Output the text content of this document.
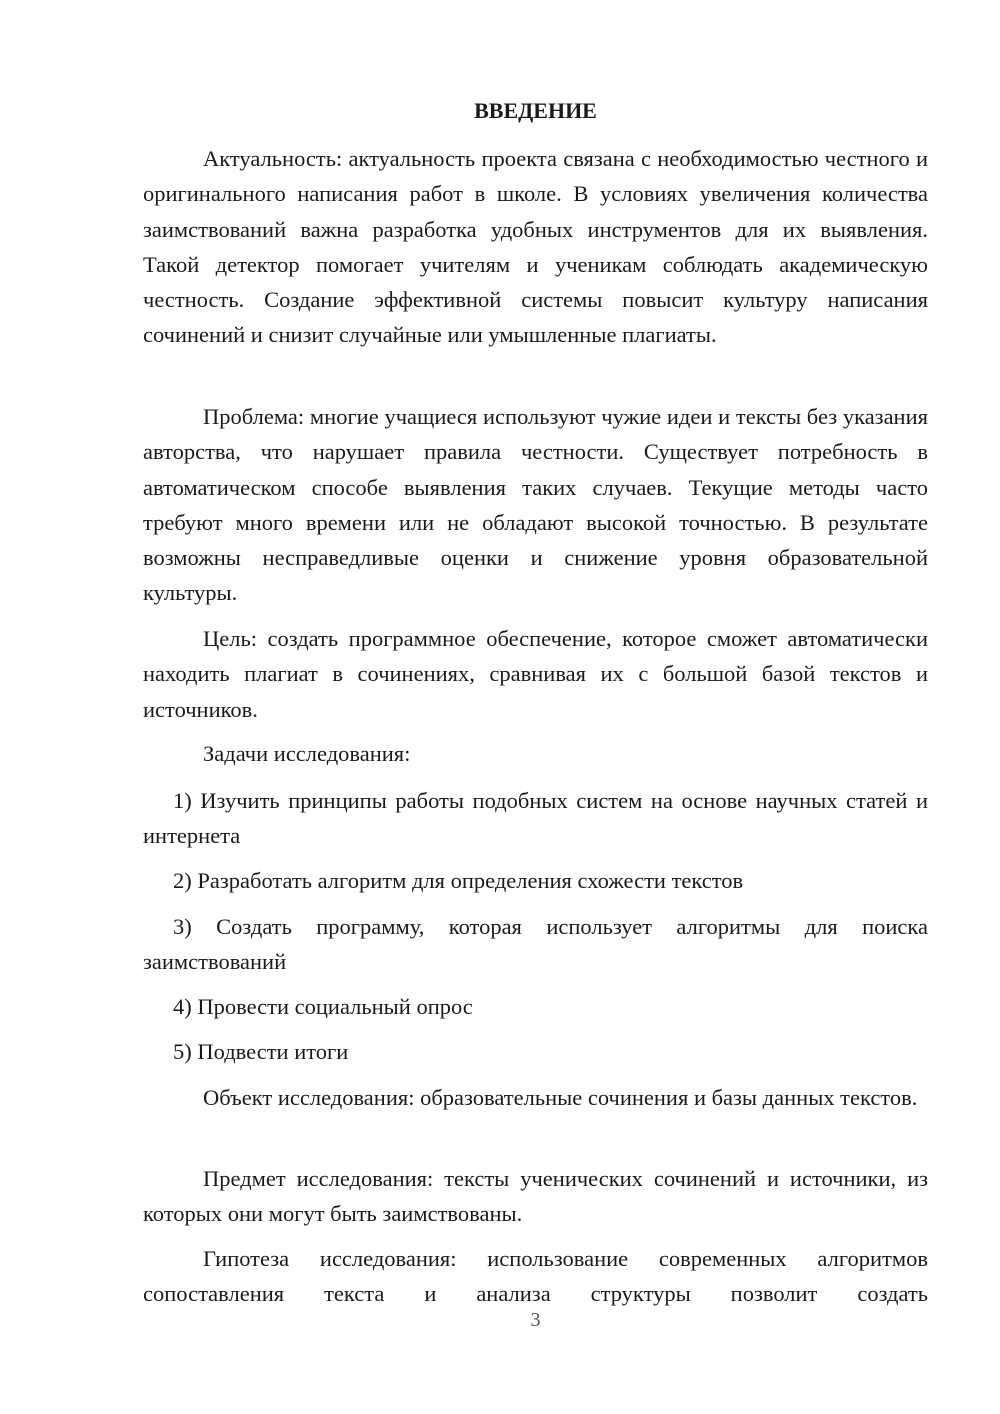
ВВЕДЕНИЕ

Актуальность: актуальность проекта связана с необходимостью честного и оригинального написания работ в школе. В условиях увеличения количества заимствований важна разработка удобных инструментов для их выявления. Такой детектор помогает учителям и ученикам соблюдать академическую честность. Создание эффективной системы повысит культуру написания сочинений и снизит случайные или умышленные плагиаты.

Проблема: многие учащиеся используют чужие идеи и тексты без указания авторства, что нарушает правила честности. Существует потребность в автоматическом способе выявления таких случаев. Текущие методы часто требуют много времени или не обладают высокой точностью. В результате возможны несправедливые оценки и снижение уровня образовательной культуры.

Цель: создать программное обеспечение, которое сможет автоматически находить плагиат в сочинениях, сравнивая их с большой базой текстов и источников.

Задачи исследования:

1) Изучить принципы работы подобных систем на основе научных статей и интернета

2) Разработать алгоритм для определения схожести текстов

3) Создать программу, которая использует алгоритмы для поиска заимствований

4) Провести социальный опрос

5) Подвести итоги

Объект исследования: образовательные сочинения и базы данных текстов.

Предмет исследования: тексты ученических сочинений и источники, из которых они могут быть заимствованы.

Гипотеза исследования: использование современных алгоритмов сопоставления текста и анализа структуры позволит создать

3
